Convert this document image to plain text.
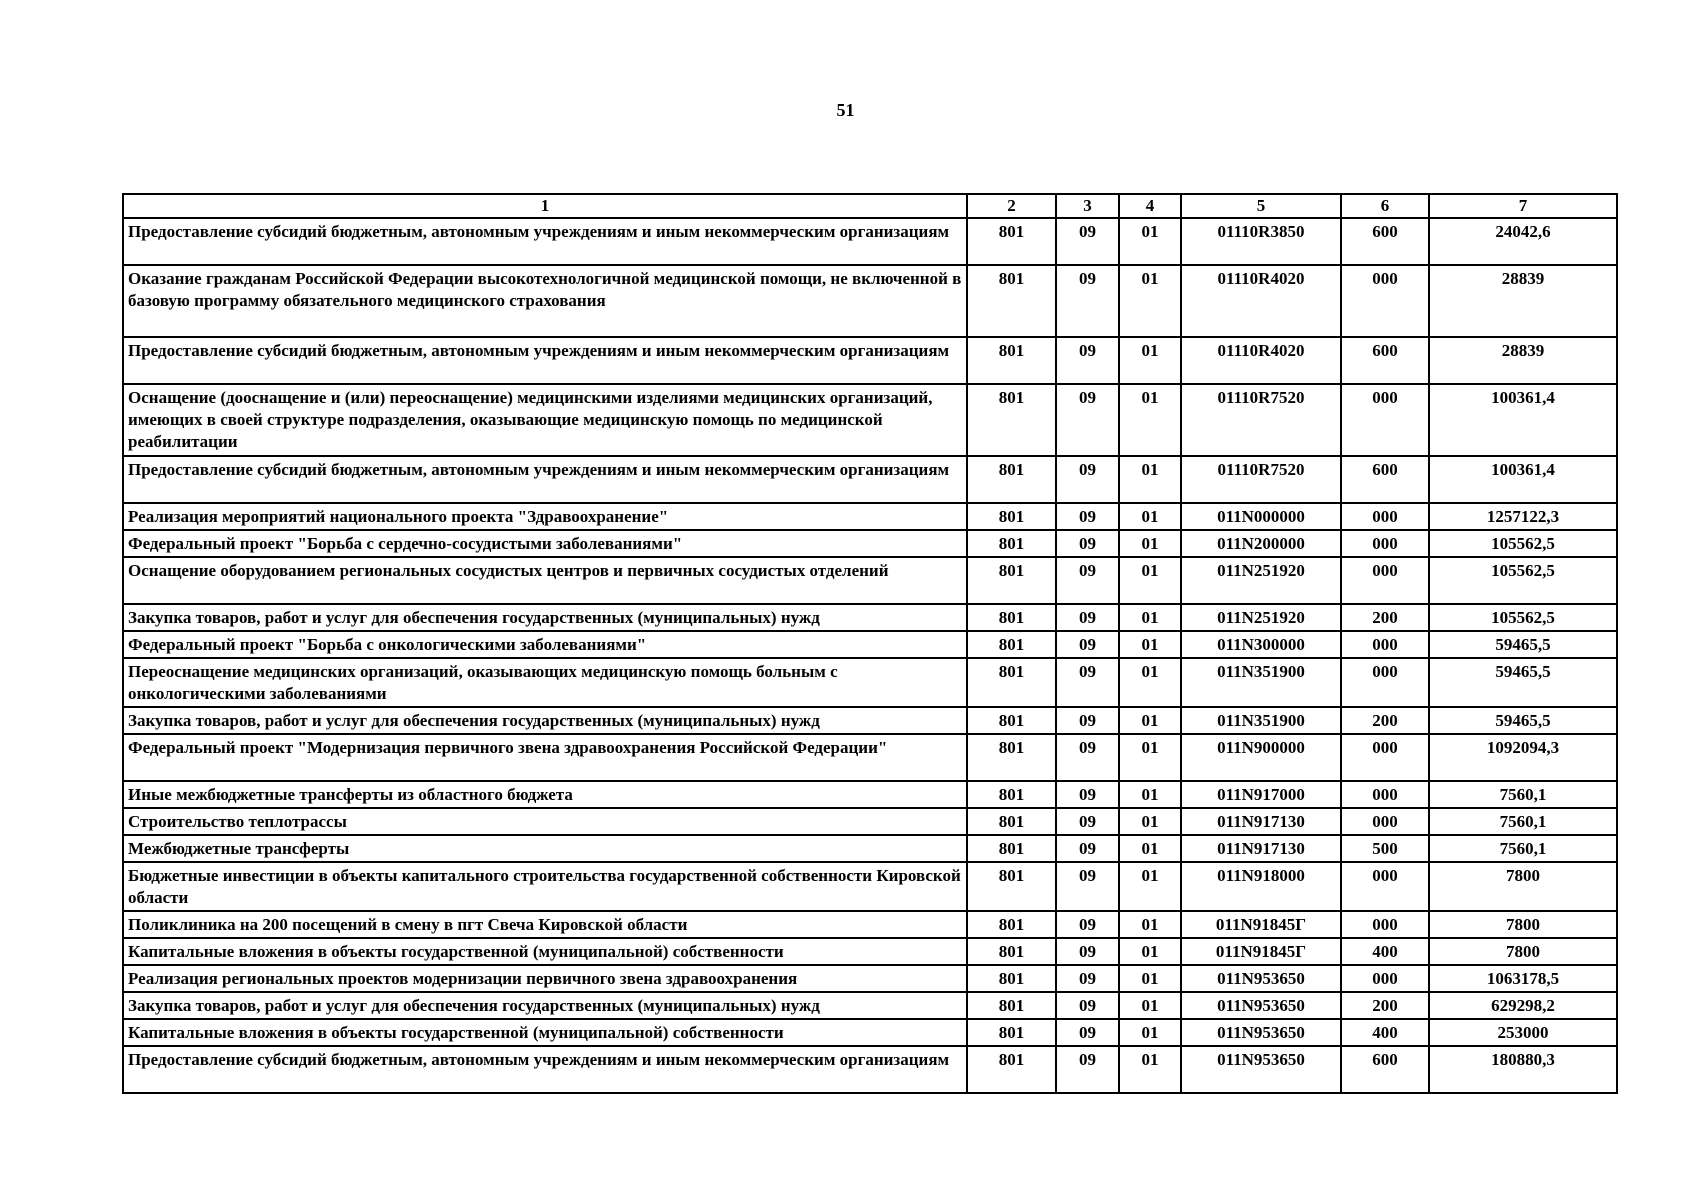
51
1	2	3	4	5	6	7
Предоставление субсидий бюджетным, автономным учреждениям и иным некоммерческим организациям	801	09	01	01110R3850	600	24042,6
Оказание гражданам Российской Федерации высокотехнологичной медицинской помощи, не включенной в базовую программу обязательного медицинского страхования	801	09	01	01110R4020	000	28839
Предоставление субсидий бюджетным, автономным учреждениям и иным некоммерческим организациям	801	09	01	01110R4020	600	28839
Оснащение (дооснащение и (или) переоснащение) медицинскими изделиями медицинских организаций, имеющих в своей структуре подразделения, оказывающие медицинскую помощь по медицинской реабилитации	801	09	01	01110R7520	000	100361,4
Предоставление субсидий бюджетным, автономным учреждениям и иным некоммерческим организациям	801	09	01	01110R7520	600	100361,4
Реализация мероприятий национального проекта "Здравоохранение"	801	09	01	011N000000	000	1257122,3
Федеральный проект "Борьба с сердечно-сосудистыми заболеваниями"	801	09	01	011N200000	000	105562,5
Оснащение оборудованием региональных сосудистых центров и первичных сосудистых отделений	801	09	01	011N251920	000	105562,5
Закупка товаров, работ и услуг для обеспечения государственных (муниципальных) нужд	801	09	01	011N251920	200	105562,5
Федеральный проект "Борьба с онкологическими заболеваниями"	801	09	01	011N300000	000	59465,5
Переоснащение медицинских организаций, оказывающих медицинскую помощь больным с онкологическими заболеваниями	801	09	01	011N351900	000	59465,5
Закупка товаров, работ и услуг для обеспечения государственных (муниципальных) нужд	801	09	01	011N351900	200	59465,5
Федеральный проект "Модернизация первичного звена здравоохранения Российской Федерации"	801	09	01	011N900000	000	1092094,3
Иные межбюджетные трансферты из областного бюджета	801	09	01	011N917000	000	7560,1
Строительство теплотрассы	801	09	01	011N917130	000	7560,1
Межбюджетные трансферты	801	09	01	011N917130	500	7560,1
Бюджетные инвестиции в объекты капитального строительства государственной собственности Кировской области	801	09	01	011N918000	000	7800
Поликлиника на 200 посещений в смену в пгт Свеча Кировской области	801	09	01	011N91845Г	000	7800
Капитальные вложения в объекты государственной (муниципальной) собственности	801	09	01	011N91845Г	400	7800
Реализация региональных проектов модернизации первичного звена здравоохранения	801	09	01	011N953650	000	1063178,5
Закупка товаров, работ и услуг для обеспечения государственных (муниципальных) нужд	801	09	01	011N953650	200	629298,2
Капитальные вложения в объекты государственной (муниципальной) собственности	801	09	01	011N953650	400	253000
Предоставление субсидий бюджетным, автономным учреждениям и иным некоммерческим организациям	801	09	01	011N953650	600	180880,3
